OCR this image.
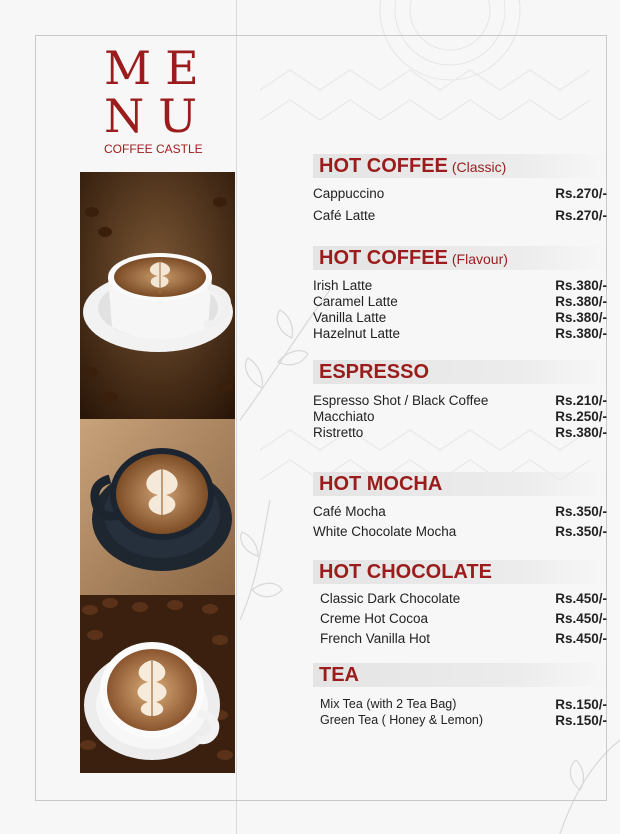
ME
NU
COFFEE CASTLE
HOT COFFEE (Classic)
Cappuccino	Rs.270/-
Café Latte	Rs.270/-
HOT COFFEE (Flavour)
Irish Latte	Rs.380/-
Caramel Latte	Rs.380/-
Vanilla Latte	Rs.380/-
Hazelnut Latte	Rs.380/-
ESPRESSO
Espresso Shot / Black Coffee	Rs.210/-
Macchiato	Rs.250/-
Ristretto	Rs.380/-
HOT MOCHA
Café Mocha	Rs.350/-
White Chocolate Mocha	Rs.350/-
HOT CHOCOLATE
Classic Dark Chocolate	Rs.450/-
Creme Hot Cocoa	Rs.450/-
French Vanilla Hot	Rs.450/-
TEA
Mix Tea (with 2 Tea Bag)	Rs.150/-
Green Tea ( Honey & Lemon)	Rs.150/-
